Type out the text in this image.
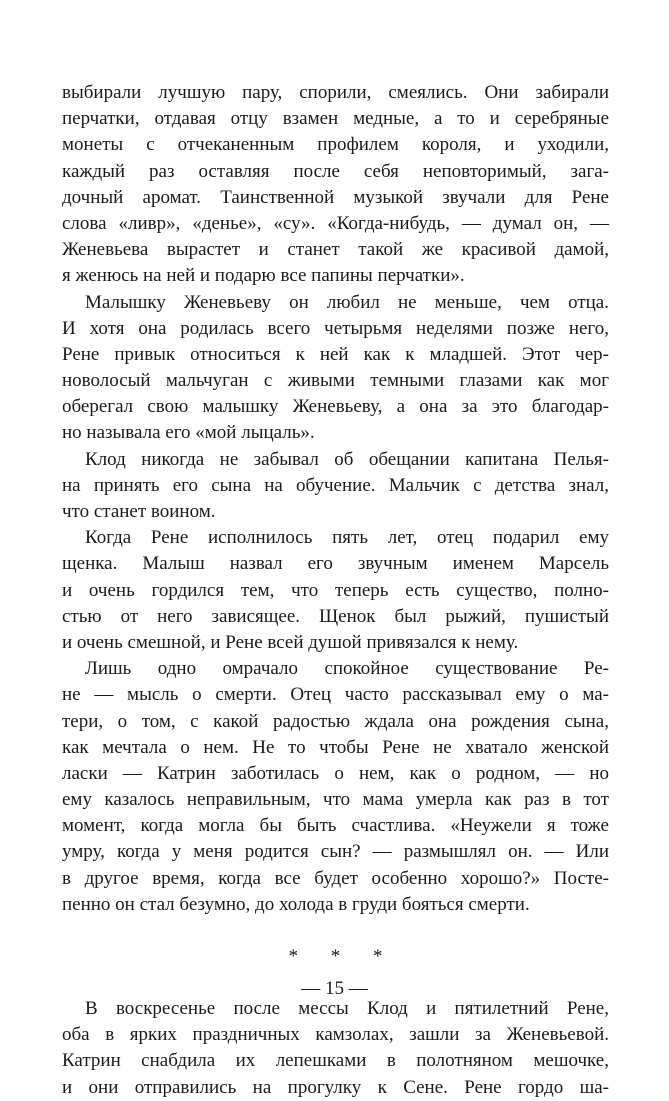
выбирали лучшую пару, спорили, смеялись. Они забирали
перчатки, отдавая отцу взамен медные, а то и серебряные
монеты с отчеканенным профилем короля, и уходили,
каждый раз оставляя после себя неповторимый, зага-
дочный аромат. Таинственной музыкой звучали для Рене
слова «ливр», «денье», «су». «Когда-нибудь, — думал он, —
Женевьева вырастет и станет такой же красивой дамой,
я женюсь на ней и подарю все папины перчатки».
Малышку Женевьеву он любил не меньше, чем отца.
И хотя она родилась всего четырьмя неделями позже него,
Рене привык относиться к ней как к младшей. Этот чер-
новолосый мальчуган с живыми темными глазами как мог
оберегал свою малышку Женевьеву, а она за это благодар-
но называла его «мой лыцаль».
Клод никогда не забывал об обещании капитана Пелья-
на принять его сына на обучение. Мальчик с детства знал,
что станет воином.
Когда Рене исполнилось пять лет, отец подарил ему
щенка. Малыш назвал его звучным именем Марсель
и очень гордился тем, что теперь есть существо, полно-
стью от него зависящее. Щенок был рыжий, пушистый
и очень смешной, и Рене всей душой привязался к нему.
Лишь одно омрачало спокойное существование Ре-
не — мысль о смерти. Отец часто рассказывал ему о ма-
тери, о том, с какой радостью ждала она рождения сына,
как мечтала о нем. Не то чтобы Рене не хватало женской
ласки — Катрин заботилась о нем, как о родном, — но
ему казалось неправильным, что мама умерла как раз в тот
момент, когда могла бы быть счастлива. «Неужели я тоже
умру, когда у меня родится сын? — размышлял он. — Или
в другое время, когда все будет особенно хорошо?» Посте-
пенно он стал безумно, до холода в груди бояться смерти.
* * *
В воскресенье после мессы Клод и пятилетний Рене,
оба в ярких праздничных камзолах, зашли за Женевьевой.
Катрин снабдила их лепешками в полотняном мешочке,
и они отправились на прогулку к Сене. Рене гордо ша-
— 15 —
